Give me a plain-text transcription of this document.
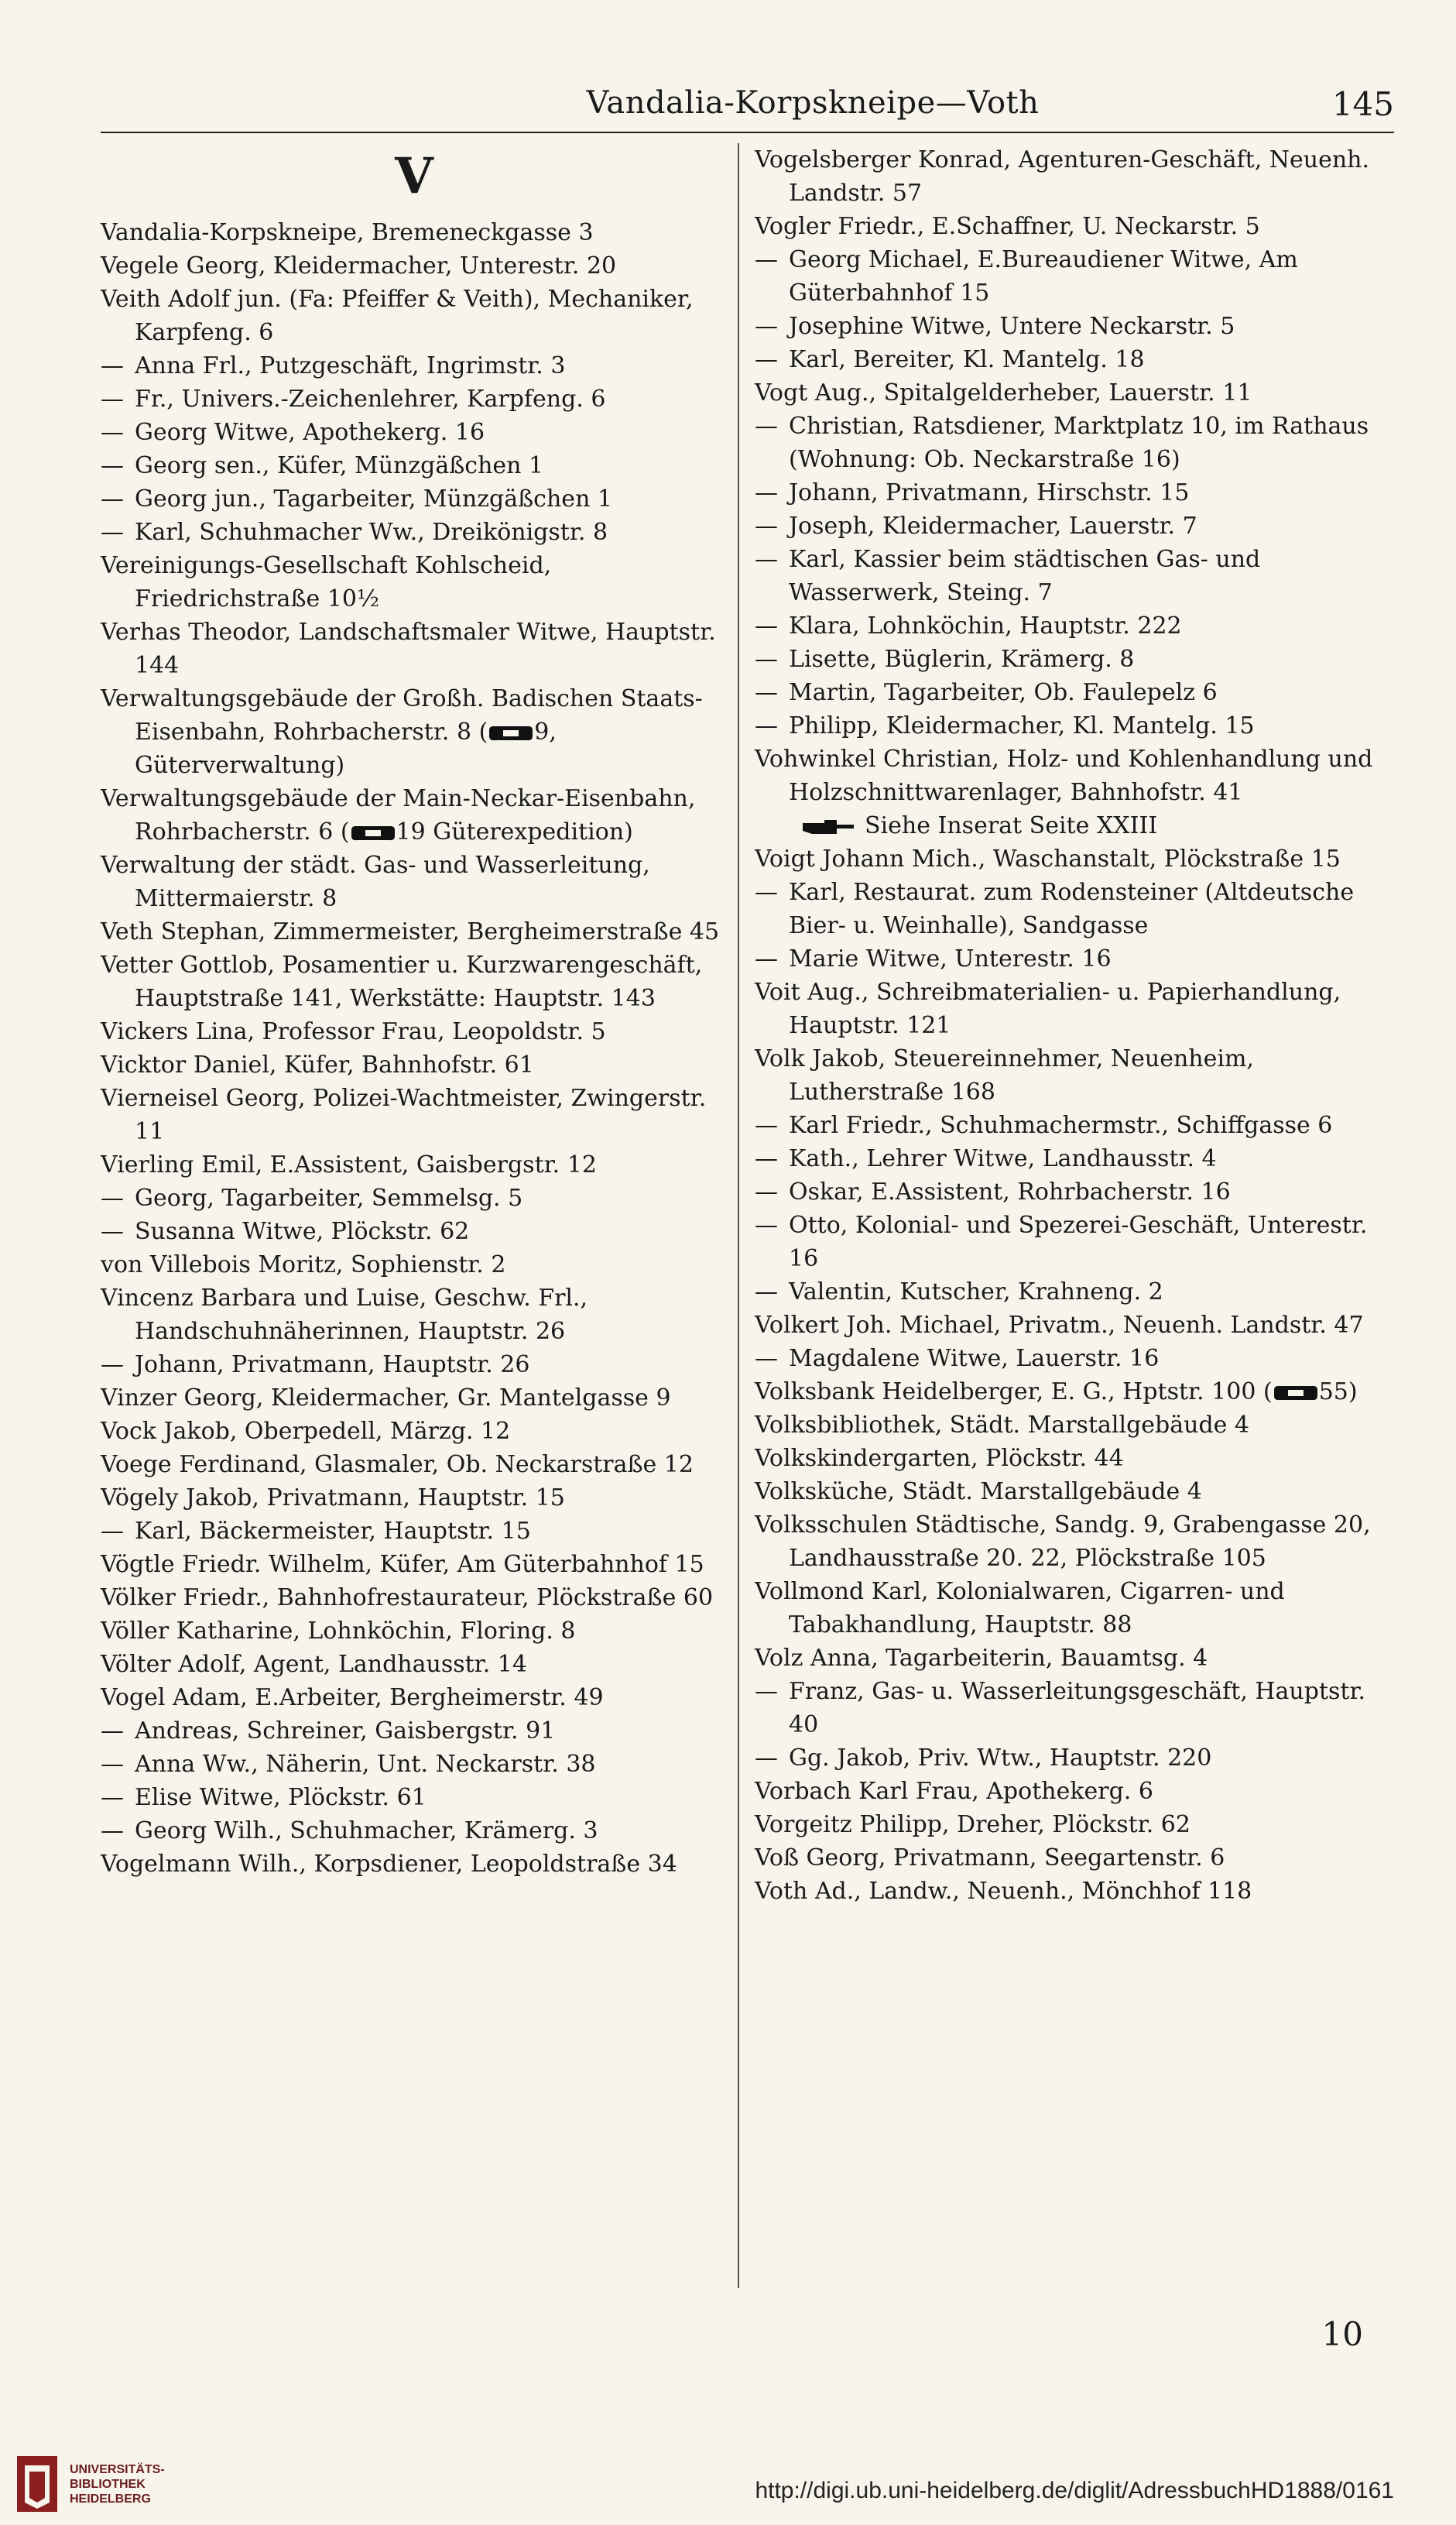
Vandalia-Korpskneipe—Voth	145
V

Vandalia-Korpskneipe, Bremeneckgasse 3

Vegele Georg, Kleidermacher, Unterestr. 20

Veith Adolf jun. (Fa: Pfeiffer & Veith), Mechaniker, Karpfeng. 6

— Anna Frl., Putzgeschäft, Ingrimstr. 3

— Fr., Univers.-Zeichenlehrer, Karpfeng. 6

— Georg Witwe, Apothekerg. 16

— Georg sen., Küfer, Münzgäßchen 1

— Georg jun., Tagarbeiter, Münzgäßchen 1

— Karl, Schuhmacher Ww., Dreikönigstr. 8

Vereinigungs-Gesellschaft Kohlscheid, Friedrichstraße 10½

Verhas Theodor, Landschaftsmaler Witwe, Hauptstr. 144

Verwaltungsgebäude der Großh. Badischen Staats-Eisenbahn, Rohrbacherstr. 8 ( 9, Güterverwaltung)

Verwaltungsgebäude der Main-Neckar-Eisenbahn, Rohrbacherstr. 6 ( 19 Güterexpedition)

Verwaltung der städt. Gas- und Wasserleitung, Mittermaierstr. 8

Veth Stephan, Zimmermeister, Bergheimerstraße 45

Vetter Gottlob, Posamentier u. Kurzwarengeschäft, Hauptstraße 141, Werkstätte: Hauptstr. 143

Vickers Lina, Professor Frau, Leopoldstr. 5

Vicktor Daniel, Küfer, Bahnhofstr. 61

Vierneisel Georg, Polizei-Wachtmeister, Zwingerstr. 11

Vierling Emil, E.Assistent, Gaisbergstr. 12

— Georg, Tagarbeiter, Semmelsg. 5

— Susanna Witwe, Plöckstr. 62

von Villebois Moritz, Sophienstr. 2

Vincenz Barbara und Luise, Geschw. Frl., Handschuhnäherinnen, Hauptstr. 26

— Johann, Privatmann, Hauptstr. 26

Vinzer Georg, Kleidermacher, Gr. Mantelgasse 9

Vock Jakob, Oberpedell, Märzg. 12

Voege Ferdinand, Glasmaler, Ob. Neckarstraße 12

Vögely Jakob, Privatmann, Hauptstr. 15

— Karl, Bäckermeister, Hauptstr. 15

Vögtle Friedr. Wilhelm, Küfer, Am Güterbahnhof 15

Völker Friedr., Bahnhofrestaurateur, Plöckstraße 60

Völler Katharine, Lohnköchin, Floring. 8

Völter Adolf, Agent, Landhausstr. 14

Vogel Adam, E.Arbeiter, Bergheimerstr. 49

— Andreas, Schreiner, Gaisbergstr. 91

— Anna Ww., Näherin, Unt. Neckarstr. 38

— Elise Witwe, Plöckstr. 61

— Georg Wilh., Schuhmacher, Krämerg. 3

Vogelmann Wilh., Korpsdiener, Leopoldstraße 34

Vogelsberger Konrad, Agenturen-Geschäft, Neuenh. Landstr. 57

Vogler Friedr., E.Schaffner, U. Neckarstr. 5

— Georg Michael, E.Bureaudiener Witwe, Am Güterbahnhof 15

— Josephine Witwe, Untere Neckarstr. 5

— Karl, Bereiter, Kl. Mantelg. 18

Vogt Aug., Spitalgelderheber, Lauerstr. 11

— Christian, Ratsdiener, Marktplatz 10, im Rathaus (Wohnung: Ob. Neckarstraße 16)

— Johann, Privatmann, Hirschstr. 15

— Joseph, Kleidermacher, Lauerstr. 7

— Karl, Kassier beim städtischen Gas- und Wasserwerk, Steing. 7

— Klara, Lohnköchin, Hauptstr. 222

— Lisette, Büglerin, Krämerg. 8

— Martin, Tagarbeiter, Ob. Faulepelz 6

— Philipp, Kleidermacher, Kl. Mantelg. 15

Vohwinkel Christian, Holz- und Kohlenhandlung und Holzschnittwarenlager, Bahnhofstr. 41

Siehe Inserat Seite XXIII

Voigt Johann Mich., Waschanstalt, Plöckstraße 15

— Karl, Restaurat. zum Rodensteiner (Altdeutsche Bier- u. Weinhalle), Sandgasse

— Marie Witwe, Unterestr. 16

Voit Aug., Schreibmaterialien- u. Papierhandlung, Hauptstr. 121

Volk Jakob, Steuereinnehmer, Neuenheim, Lutherstraße 168

— Karl Friedr., Schuhmachermstr., Schiffgasse 6

— Kath., Lehrer Witwe, Landhausstr. 4

— Oskar, E.Assistent, Rohrbacherstr. 16

— Otto, Kolonial- und Spezerei-Geschäft, Unterestr. 16

— Valentin, Kutscher, Krahneng. 2

Volkert Joh. Michael, Privatm., Neuenh. Landstr. 47

— Magdalene Witwe, Lauerstr. 16

Volksbank Heidelberger, E. G., Hptstr. 100 ( 55)

Volksbibliothek, Städt. Marstallgebäude 4

Volkskindergarten, Plöckstr. 44

Volksküche, Städt. Marstallgebäude 4

Volksschulen Städtische, Sandg. 9, Grabengasse 20, Landhausstraße 20. 22, Plöckstraße 105

Vollmond Karl, Kolonialwaren, Cigarren- und Tabakhandlung, Hauptstr. 88

Volz Anna, Tagarbeiterin, Bauamtsg. 4

— Franz, Gas- u. Wasserleitungsgeschäft, Hauptstr. 40

— Gg. Jakob, Priv. Wtw., Hauptstr. 220

Vorbach Karl Frau, Apothekerg. 6

Vorgeitz Philipp, Dreher, Plöckstr. 62

Voß Georg, Privatmann, Seegartenstr. 6

Voth Ad., Landw., Neuenh., Mönchhof 118

10
UNIVERSITÄTS-
BIBLIOTHEK
HEIDELBERG	http://digi.ub.uni-heidelberg.de/diglit/AdressbuchHD1888/0161
